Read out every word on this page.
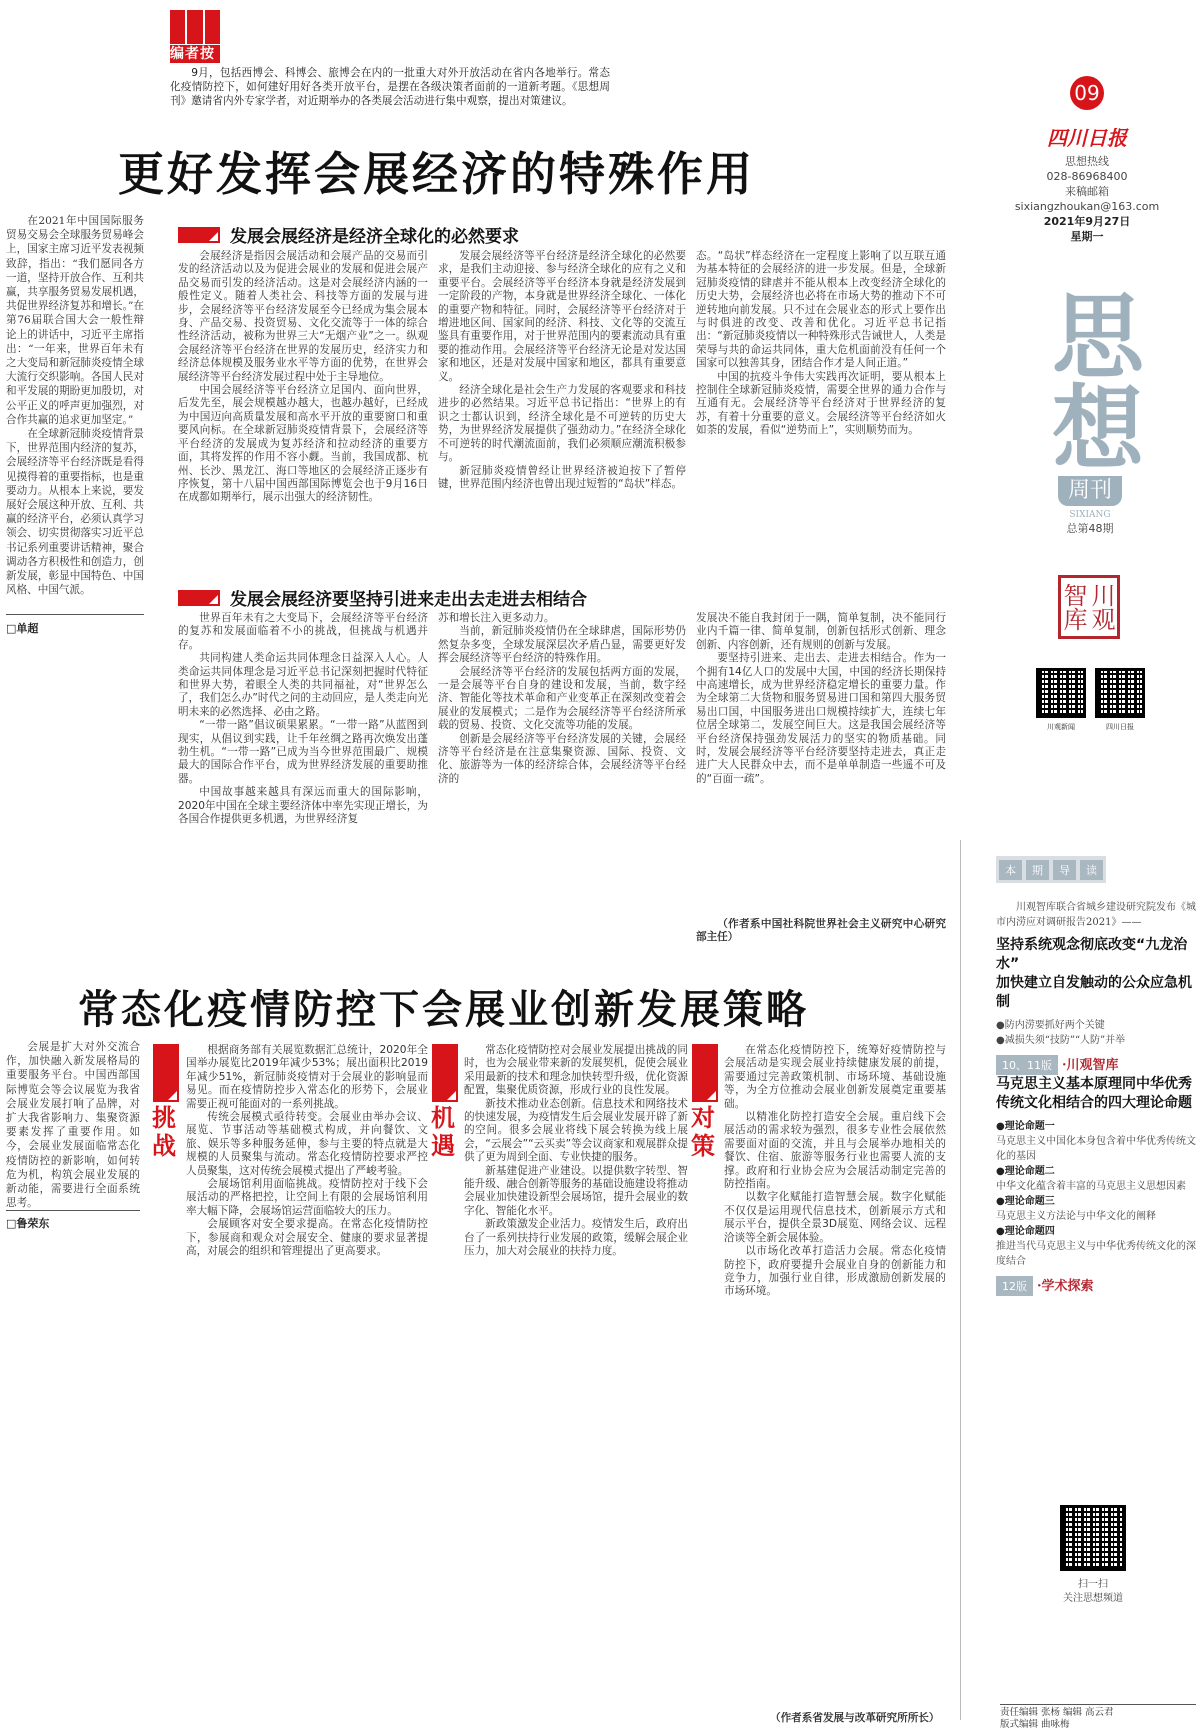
编者按
9月，包括西博会、科博会、旅博会在内的一批重大对外开放活动在省内各地举行。常态化疫情防控下，如何建好用好各类开放平台，是摆在各级决策者面前的一道新考题。《思想周刊》邀请省内外专家学者，对近期举办的各类展会活动进行集中观察，提出对策建议。	09
四川日报
思想热线
028-86968400
来稿邮箱
sixiangzhoukan@163.com
2021年9月27日
星期一
思想
周刊
SIXIANG
总第48期
川观智库
川观新闻	四川日报
更好发挥会展经济的特殊作用

在2021年中国国际服务贸易交易会全球服务贸易峰会上，国家主席习近平发表视频致辞，指出：“我们愿同各方一道，坚持开放合作、互利共赢，共享服务贸易发展机遇，共促世界经济复苏和增长。”在第76届联合国大会一般性辩论上的讲话中，习近平主席指出：“一年来，世界百年未有之大变局和新冠肺炎疫情全球大流行交织影响。各国人民对和平发展的期盼更加殷切，对公平正义的呼声更加强烈，对合作共赢的追求更加坚定。”

在全球新冠肺炎疫情背景下，世界范围内经济的复苏，会展经济等平台经济既是看得见摸得着的重要指标，也是重要动力。从根本上来说，要发展好会展这种开放、互利、共赢的经济平台，必须认真学习领会、切实贯彻落实习近平总书记系列重要讲话精神，聚合调动各方积极性和创造力，创新发展，彰显中国特色、中国风格、中国气派。

□单超
发展会展经济是经济全球化的必然要求

会展经济是指因会展活动和会展产品的交易而引发的经济活动以及为促进会展业的发展和促进会展产品交易而引发的经济活动。这是对会展经济内涵的一般性定义。随着人类社会、科技等方面的发展与进步，会展经济等平台经济发展至今已经成为集会展本身、产品交易、投资贸易、文化交流等于一体的综合性经济活动，被称为世界三大“无烟产业”之一。纵观会展经济等平台经济在世界的发展历史，经济实力和经济总体规模及服务业水平等方面的优势，在世界会展经济等平台经济发展过程中处于主导地位。

中国会展经济等平台经济立足国内、面向世界，后发先至，展会规模越办越大，也越办越好，已经成为中国迈向高质量发展和高水平开放的重要窗口和重要风向标。在全球新冠肺炎疫情背景下，会展经济等平台经济的发展成为复苏经济和拉动经济的重要方面，其将发挥的作用不容小觑。当前，我国成都、杭州、长沙、黑龙江、海口等地区的会展经济正逐步有序恢复，第十八届中国西部国际博览会也于9月16日在成都如期举行，展示出强大的经济韧性。

发展会展经济等平台经济是经济全球化的必然要求，是我们主动迎接、参与经济全球化的应有之义和重要平台。会展经济等平台经济本身就是经济发展到一定阶段的产物，本身就是世界经济全球化、一体化的重要产物和特征。同时，会展经济等平台经济对于增进地区间、国家间的经济、科技、文化等的交流互鉴具有重要作用，对于世界范围内的要素流动具有重要的推动作用。会展经济等平台经济无论是对发达国家和地区，还是对发展中国家和地区，都具有重要意义。

经济全球化是社会生产力发展的客观要求和科技进步的必然结果。习近平总书记指出：“世界上的有识之士都认识到，经济全球化是不可逆转的历史大势，为世界经济发展提供了强劲动力。”在经济全球化不可逆转的时代潮流面前，我们必须顺应潮流积极参与。

新冠肺炎疫情曾经让世界经济被迫按下了暂停键，世界范围内经济也曾出现过短暂的“岛状”样态。

态。“岛状”样态经济在一定程度上影响了以互联互通为基本特征的会展经济的进一步发展。但是，全球新冠肺炎疫情的肆虐并不能从根本上改变经济全球化的历史大势，会展经济也必将在市场大势的推动下不可逆转地向前发展。只不过在会展业态的形式上要作出与时俱进的改变、改善和优化。习近平总书记指出：“新冠肺炎疫情以一种特殊形式告诫世人，人类是荣辱与共的命运共同体，重大危机面前没有任何一个国家可以独善其身，团结合作才是人间正道。”

中国的抗疫斗争伟大实践再次证明，要从根本上控制住全球新冠肺炎疫情，需要全世界的通力合作与互通有无。会展经济等平台经济对于世界经济的复苏，有着十分重要的意义。会展经济等平台经济如火如荼的发展，看似“逆势而上”，实则顺势而为。

发展会展经济要坚持引进来走出去走进去相结合

世界百年未有之大变局下，会展经济等平台经济的复苏和发展面临着不小的挑战，但挑战与机遇并存。

共同构建人类命运共同体理念日益深入人心。人类命运共同体理念是习近平总书记深刻把握时代特征和世界大势，着眼全人类的共同福祉，对“世界怎么了，我们怎么办”时代之问的主动回应，是人类走向光明未来的必然选择、必由之路。

“一带一路”倡议硕果累累。“一带一路”从蓝图到现实，从倡议到实践，让千年丝绸之路再次焕发出蓬勃生机。“一带一路”已成为当今世界范围最广、规模最大的国际合作平台，成为世界经济发展的重要助推器。

中国故事越来越具有深远而重大的国际影响，2020年中国在全球主要经济体中率先实现正增长，为各国合作提供更多机遇，为世界经济复

苏和增长注入更多动力。

当前，新冠肺炎疫情仍在全球肆虐，国际形势仍然复杂多变，全球发展深层次矛盾凸显，需要更好发挥会展经济等平台经济的特殊作用。

会展经济等平台经济的发展包括两方面的发展，一是会展等平台自身的建设和发展，当前，数字经济、智能化等技术革命和产业变革正在深刻改变着会展业的发展模式；二是作为会展经济等平台经济所承载的贸易、投资、文化交流等功能的发展。

创新是会展经济等平台经济发展的关键，会展经济等平台经济是在注意集聚资源、国际、投资、文化、旅游等为一体的经济综合体，会展经济等平台经济的

发展决不能自我封闭于一隅，简单复制，决不能同行业内千篇一律、简单复制，创新包括形式创新、理念创新、内容创新，还有规则的创新与发展。

要坚持引进来、走出去、走进去相结合。作为一个拥有14亿人口的发展中大国，中国的经济长期保持中高速增长，成为世界经济稳定增长的重要力量。作为全球第二大货物和服务贸易进口国和第四大服务贸易出口国，中国服务进出口规模持续扩大，连续七年位居全球第二，发展空间巨大。这是我国会展经济等平台经济保持强劲发展活力的坚实的物质基础。同时，发展会展经济等平台经济要坚持走进去，真正走进广大人民群众中去，而不是单单制造一些遥不可及的“百面一疏”。

（作者系中国社科院世界社会主义研究中心研究部主任）
本 期 导 读
川观智库联合省城乡建设研究院发布《城市内涝应对调研报告2021》——
坚持系统观念彻底改变“九龙治水”
加快建立自发触动的公众应急机制
●防内涝要抓好两个关键
●减损失须“技防”“人防”并举
10、11版 ·川观智库
马克思主义基本原理同中华优秀
传统文化相结合的四大理论命题
●理论命题一
马克思主义中国化本身包含着中华优秀传统文化的基因
●理论命题二
中华文化蕴含着丰富的马克思主义思想因素
●理论命题三
马克思主义方法论与中华文化的阐释
●理论命题四
推进当代马克思主义与中华优秀传统文化的深度结合
12版 ·学术探索
扫一扫
关注思想频道
责任编辑 张杨 编辑 高云君
版式编辑 曲咏梅
常态化疫情防控下会展业创新发展策略

会展是扩大对外交流合作，加快融入新发展格局的重要服务平台。中国西部国际博览会等会议展览为我省会展业发展打响了品牌，对扩大我省影响力、集聚资源要素发挥了重要作用。如今，会展业发展面临常态化疫情防控的新影响，如何转危为机，构筑会展业发展的新动能，需要进行全面系统思考。

□鲁荣东
挑战

根据商务部有关展览数据汇总统计，2020年全国举办展览比2019年减少53%；展出面积比2019年减少51%，新冠肺炎疫情对于会展业的影响显而易见。而在疫情防控步入常态化的形势下，会展业需要正视可能面对的一系列挑战。

传统会展模式亟待转变。会展业由举办会议、展览、节事活动等基础模式构成，并向餐饮、文旅、娱乐等多种服务延伸，参与主要的特点就是大规模的人员聚集与流动。常态化疫情防控要求严控人员聚集，这对传统会展模式提出了严峻考验。

会展场馆利用面临挑战。疫情防控对于线下会展活动的严格把控，让空间上有限的会展场馆利用率大幅下降，会展场馆运营面临较大的压力。

会展顾客对安全要求提高。在常态化疫情防控下，参展商和观众对会展安全、健康的要求显著提高，对展会的组织和管理提出了更高要求。

机遇

常态化疫情防控对会展业发展提出挑战的同时，也为会展业带来新的发展契机，促使会展业采用最新的技术和理念加快转型升级，优化资源配置，集聚优质资源，形成行业的良性发展。

新技术推动业态创新。信息技术和网络技术的快速发展，为疫情发生后会展业发展开辟了新的空间。很多会展业将线下展会转换为线上展会，“云展会”“云买卖”等会议商家和观展群众提供了更为周到全面、专业快捷的服务。

新基建促进产业建设。以提供数字转型、智能升级、融合创新等服务的基础设施建设将推动会展业加快建设新型会展场馆，提升会展业的数字化、智能化水平。

新政策激发企业活力。疫情发生后，政府出台了一系列扶持行业发展的政策，缓解会展企业压力，加大对会展业的扶持力度。

对策

在常态化疫情防控下，统筹好疫情防控与会展活动是实现会展业持续健康发展的前提，需要通过完善政策机制、市场环境、基础设施等，为全方位推动会展业创新发展奠定重要基础。

以精准化防控打造安全会展。重启线下会展活动的需求较为强烈，很多专业性会展依然需要面对面的交流，并且与会展举办地相关的餐饮、住宿、旅游等服务行业也需要人流的支撑。政府和行业协会应为会展活动制定完善的防控指南。

以数字化赋能打造智慧会展。数字化赋能不仅仅是运用现代信息技术，创新展示方式和展示平台，提供全景3D展览、网络会议、远程洽谈等全新会展体验。

以市场化改革打造活力会展。常态化疫情防控下，政府要提升会展业自身的创新能力和竞争力，加强行业自律，形成激励创新发展的市场环境。

（作者系省发展与改革研究所所长）
